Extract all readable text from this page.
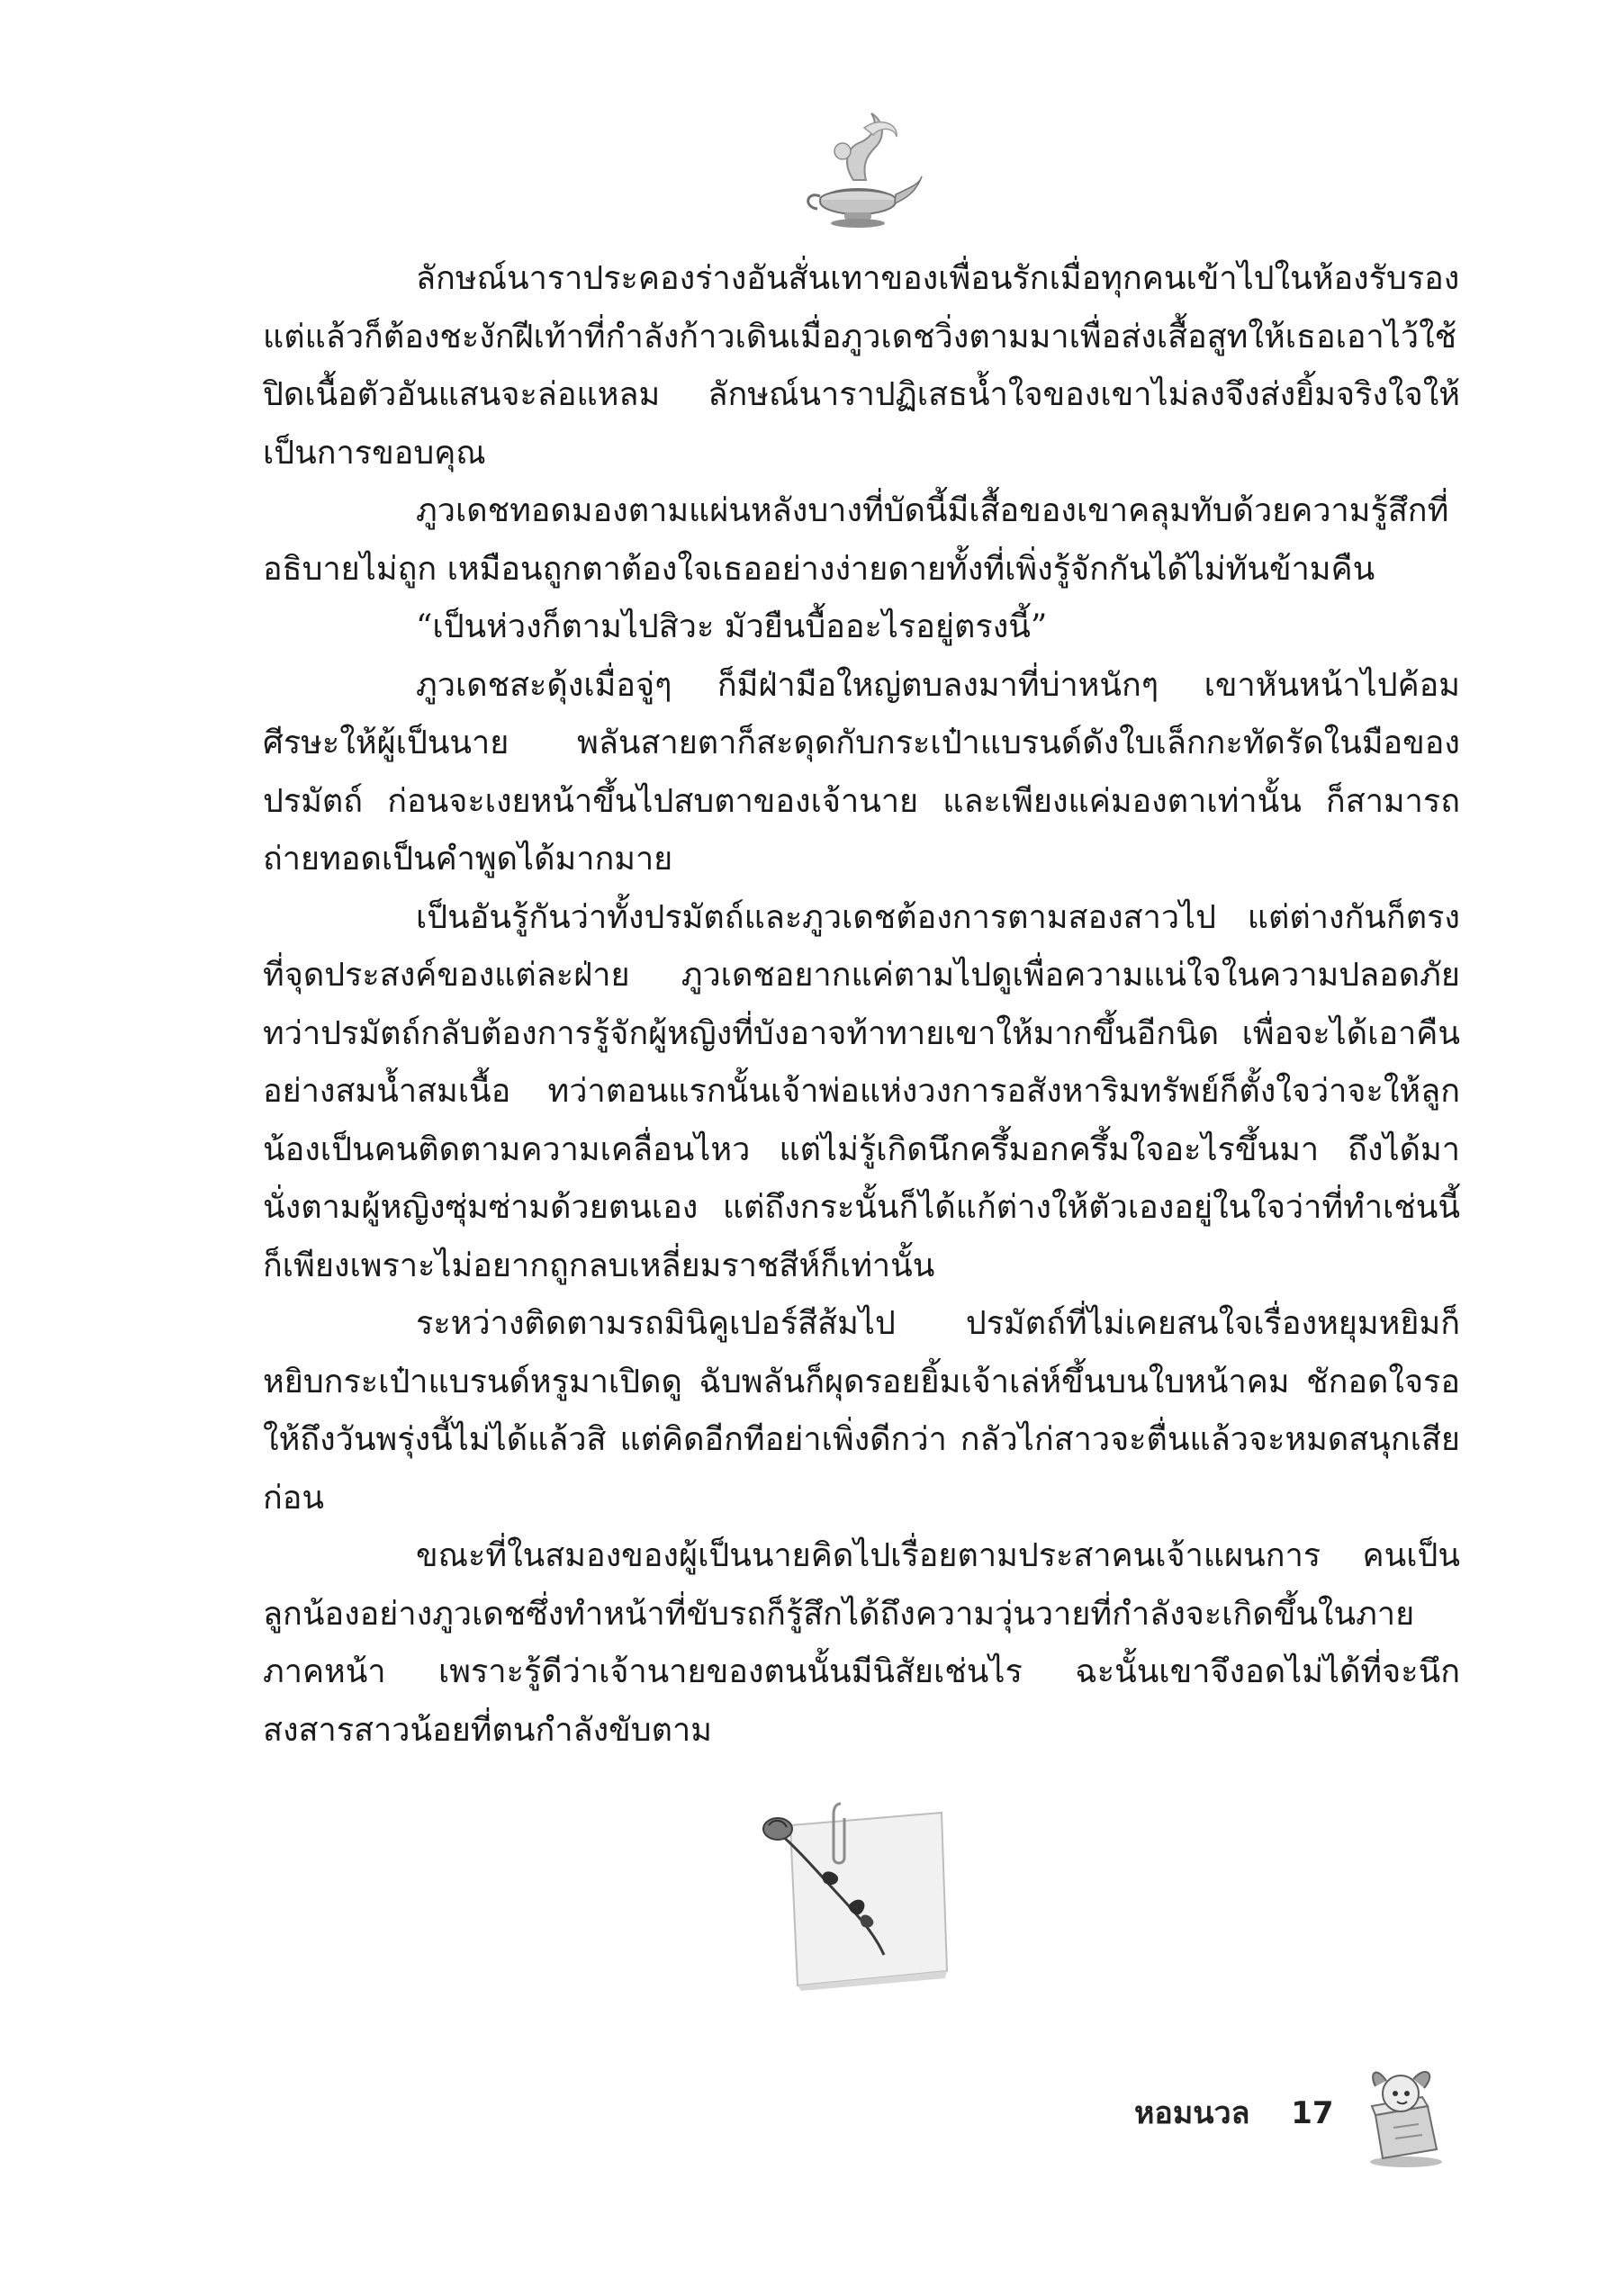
ลักษณ์นาราประคองร่างอันสั่นเทาของเพื่อนรักเมื่อทุกคนเข้าไปในห้องรับรอง แต่แล้วก็ต้องชะงักฝีเท้าที่กำลังก้าวเดินเมื่อภูวเดชวิ่งตามมาเพื่อส่งเสื้อสูทให้เธอเอาไว้ใช้ปิดเนื้อตัวอันแสนจะล่อแหลม ลักษณ์นาราปฏิเสธน้ำใจของเขาไม่ลงจึงส่งยิ้มจริงใจให้เป็นการขอบคุณ

ภูวเดชทอดมองตามแผ่นหลังบางที่บัดนี้มีเสื้อของเขาคลุมทับด้วยความรู้สึกที่อธิบายไม่ถูก เหมือนถูกตาต้องใจเธออย่างง่ายดายทั้งที่เพิ่งรู้จักกันได้ไม่ทันข้ามคืน

“เป็นห่วงก็ตามไปสิวะ มัวยืนบื้ออะไรอยู่ตรงนี้”

ภูวเดชสะดุ้งเมื่อจู่ๆ ก็มีฝ่ามือใหญ่ตบลงมาที่บ่าหนักๆ เขาหันหน้าไปค้อมศีรษะให้ผู้เป็นนาย พลันสายตาก็สะดุดกับกระเป๋าแบรนด์ดังใบเล็กกะทัดรัดในมือของปรมัตถ์ ก่อนจะเงยหน้าขึ้นไปสบตาของเจ้านาย และเพียงแค่มองตาเท่านั้น ก็สามารถถ่ายทอดเป็นคำพูดได้มากมาย

เป็นอันรู้กันว่าทั้งปรมัตถ์และภูวเดชต้องการตามสองสาวไป แต่ต่างกันก็ตรงที่จุดประสงค์ของแต่ละฝ่าย ภูวเดชอยากแค่ตามไปดูเพื่อความแน่ใจในความปลอดภัย ทว่าปรมัตถ์กลับต้องการรู้จักผู้หญิงที่บังอาจท้าทายเขาให้มากขึ้นอีกนิด เพื่อจะได้เอาคืนอย่างสมน้ำสมเนื้อ ทว่าตอนแรกนั้นเจ้าพ่อแห่งวงการอสังหาริมทรัพย์ก็ตั้งใจว่าจะให้ลูกน้องเป็นคนติดตามความเคลื่อนไหว แต่ไม่รู้เกิดนึกครึ้มอกครึ้มใจอะไรขึ้นมา ถึงได้มานั่งตามผู้หญิงซุ่มซ่ามด้วยตนเอง แต่ถึงกระนั้นก็ได้แก้ต่างให้ตัวเองอยู่ในใจว่าที่ทำเช่นนี้ก็เพียงเพราะไม่อยากถูกลบเหลี่ยมราชสีห์ก็เท่านั้น

ระหว่างติดตามรถมินิคูเปอร์สีส้มไป ปรมัตถ์ที่ไม่เคยสนใจเรื่องหยุมหยิมก็หยิบกระเป๋าแบรนด์หรูมาเปิดดู ฉับพลันก็ผุดรอยยิ้มเจ้าเล่ห์ขึ้นบนใบหน้าคม ชักอดใจรอให้ถึงวันพรุ่งนี้ไม่ได้แล้วสิ แต่คิดอีกทีอย่าเพิ่งดีกว่า กลัวไก่สาวจะตื่นแล้วจะหมดสนุกเสียก่อน

ขณะที่ในสมองของผู้เป็นนายคิดไปเรื่อยตามประสาคนเจ้าแผนการ คนเป็นลูกน้องอย่างภูวเดชซึ่งทำหน้าที่ขับรถก็รู้สึกได้ถึงความวุ่นวายที่กำลังจะเกิดขึ้นในภายภาคหน้า เพราะรู้ดีว่าเจ้านายของตนนั้นมีนิสัยเช่นไร ฉะนั้นเขาจึงอดไม่ได้ที่จะนึกสงสารสาวน้อยที่ตนกำลังขับตาม

หอมนวล 17
